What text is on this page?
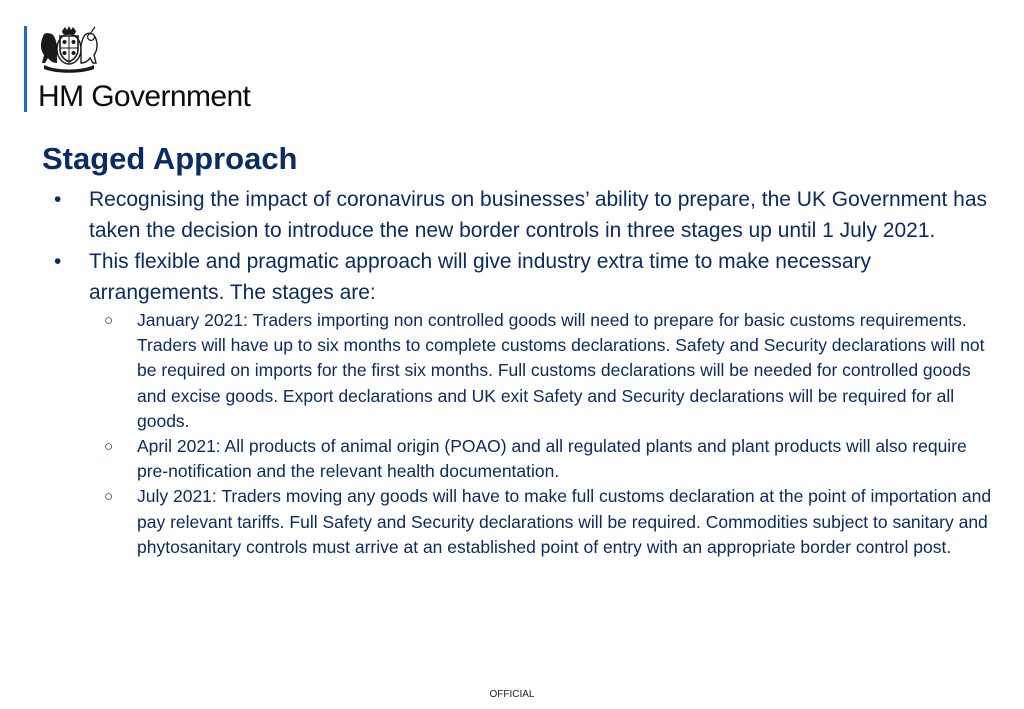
HM Government
Staged Approach
• Recognising the impact of coronavirus on businesses’ ability to prepare, the UK Government has taken the decision to introduce the new border controls in three stages up until 1 July 2021.
• This flexible and pragmatic approach will give industry extra time to make necessary arrangements. The stages are:
○ January 2021: Traders importing non controlled goods will need to prepare for basic customs requirements. Traders will have up to six months to complete customs declarations. Safety and Security declarations will not be required on imports for the first six months. Full customs declarations will be needed for controlled goods and excise goods. Export declarations and UK exit Safety and Security declarations will be required for all goods.
○ April 2021: All products of animal origin (POAO) and all regulated plants and plant products will also require pre-notification and the relevant health documentation.
○ July 2021: Traders moving any goods will have to make full customs declaration at the point of importation and pay relevant tariffs. Full Safety and Security declarations will be required. Commodities subject to sanitary and phytosanitary controls must arrive at an established point of entry with an appropriate border control post.
OFFICIAL
